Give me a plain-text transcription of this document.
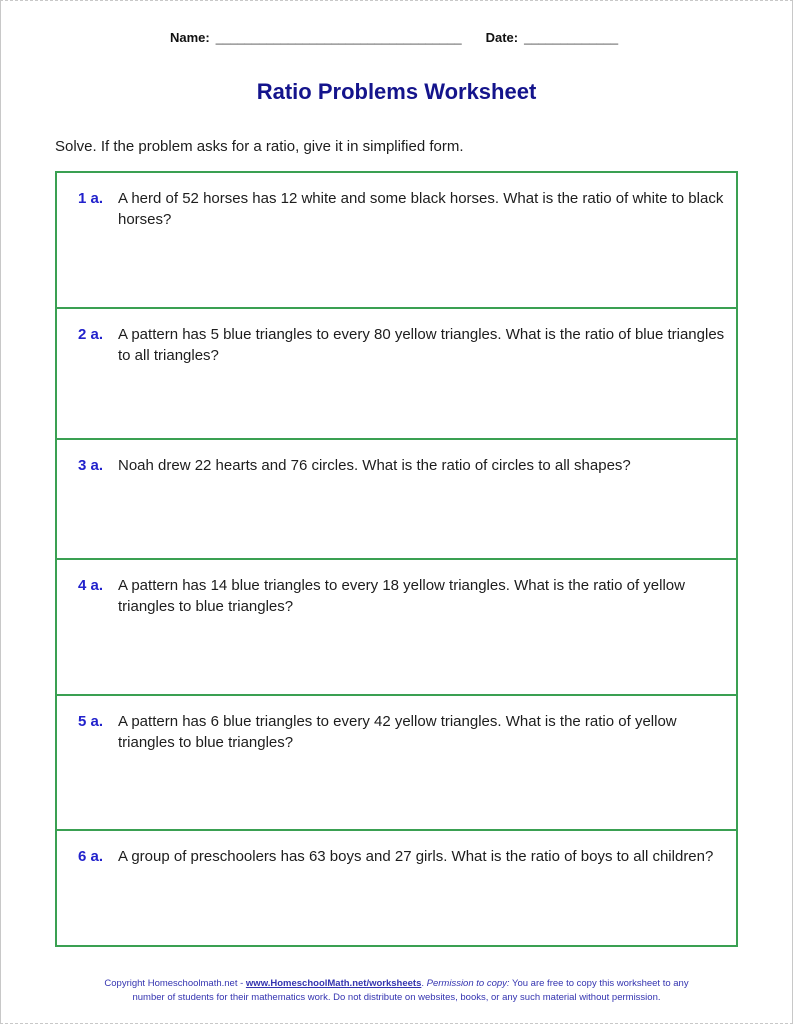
Name: __________________________________ Date: _____________
Ratio Problems Worksheet
Solve. If the problem asks for a ratio, give it in simplified form.
1 a. A herd of 52 horses has 12 white and some black horses. What is the ratio of white to black horses?
2 a. A pattern has 5 blue triangles to every 80 yellow triangles. What is the ratio of blue triangles to all triangles?
3 a. Noah drew 22 hearts and 76 circles. What is the ratio of circles to all shapes?
4 a. A pattern has 14 blue triangles to every 18 yellow triangles. What is the ratio of yellow triangles to blue triangles?
5 a. A pattern has 6 blue triangles to every 42 yellow triangles. What is the ratio of yellow triangles to blue triangles?
6 a. A group of preschoolers has 63 boys and 27 girls. What is the ratio of boys to all children?
Copyright Homeschoolmath.net - www.HomeschoolMath.net/worksheets. Permission to copy: You are free to copy this worksheet to any number of students for their mathematics work. Do not distribute on websites, books, or any such material without permission.
